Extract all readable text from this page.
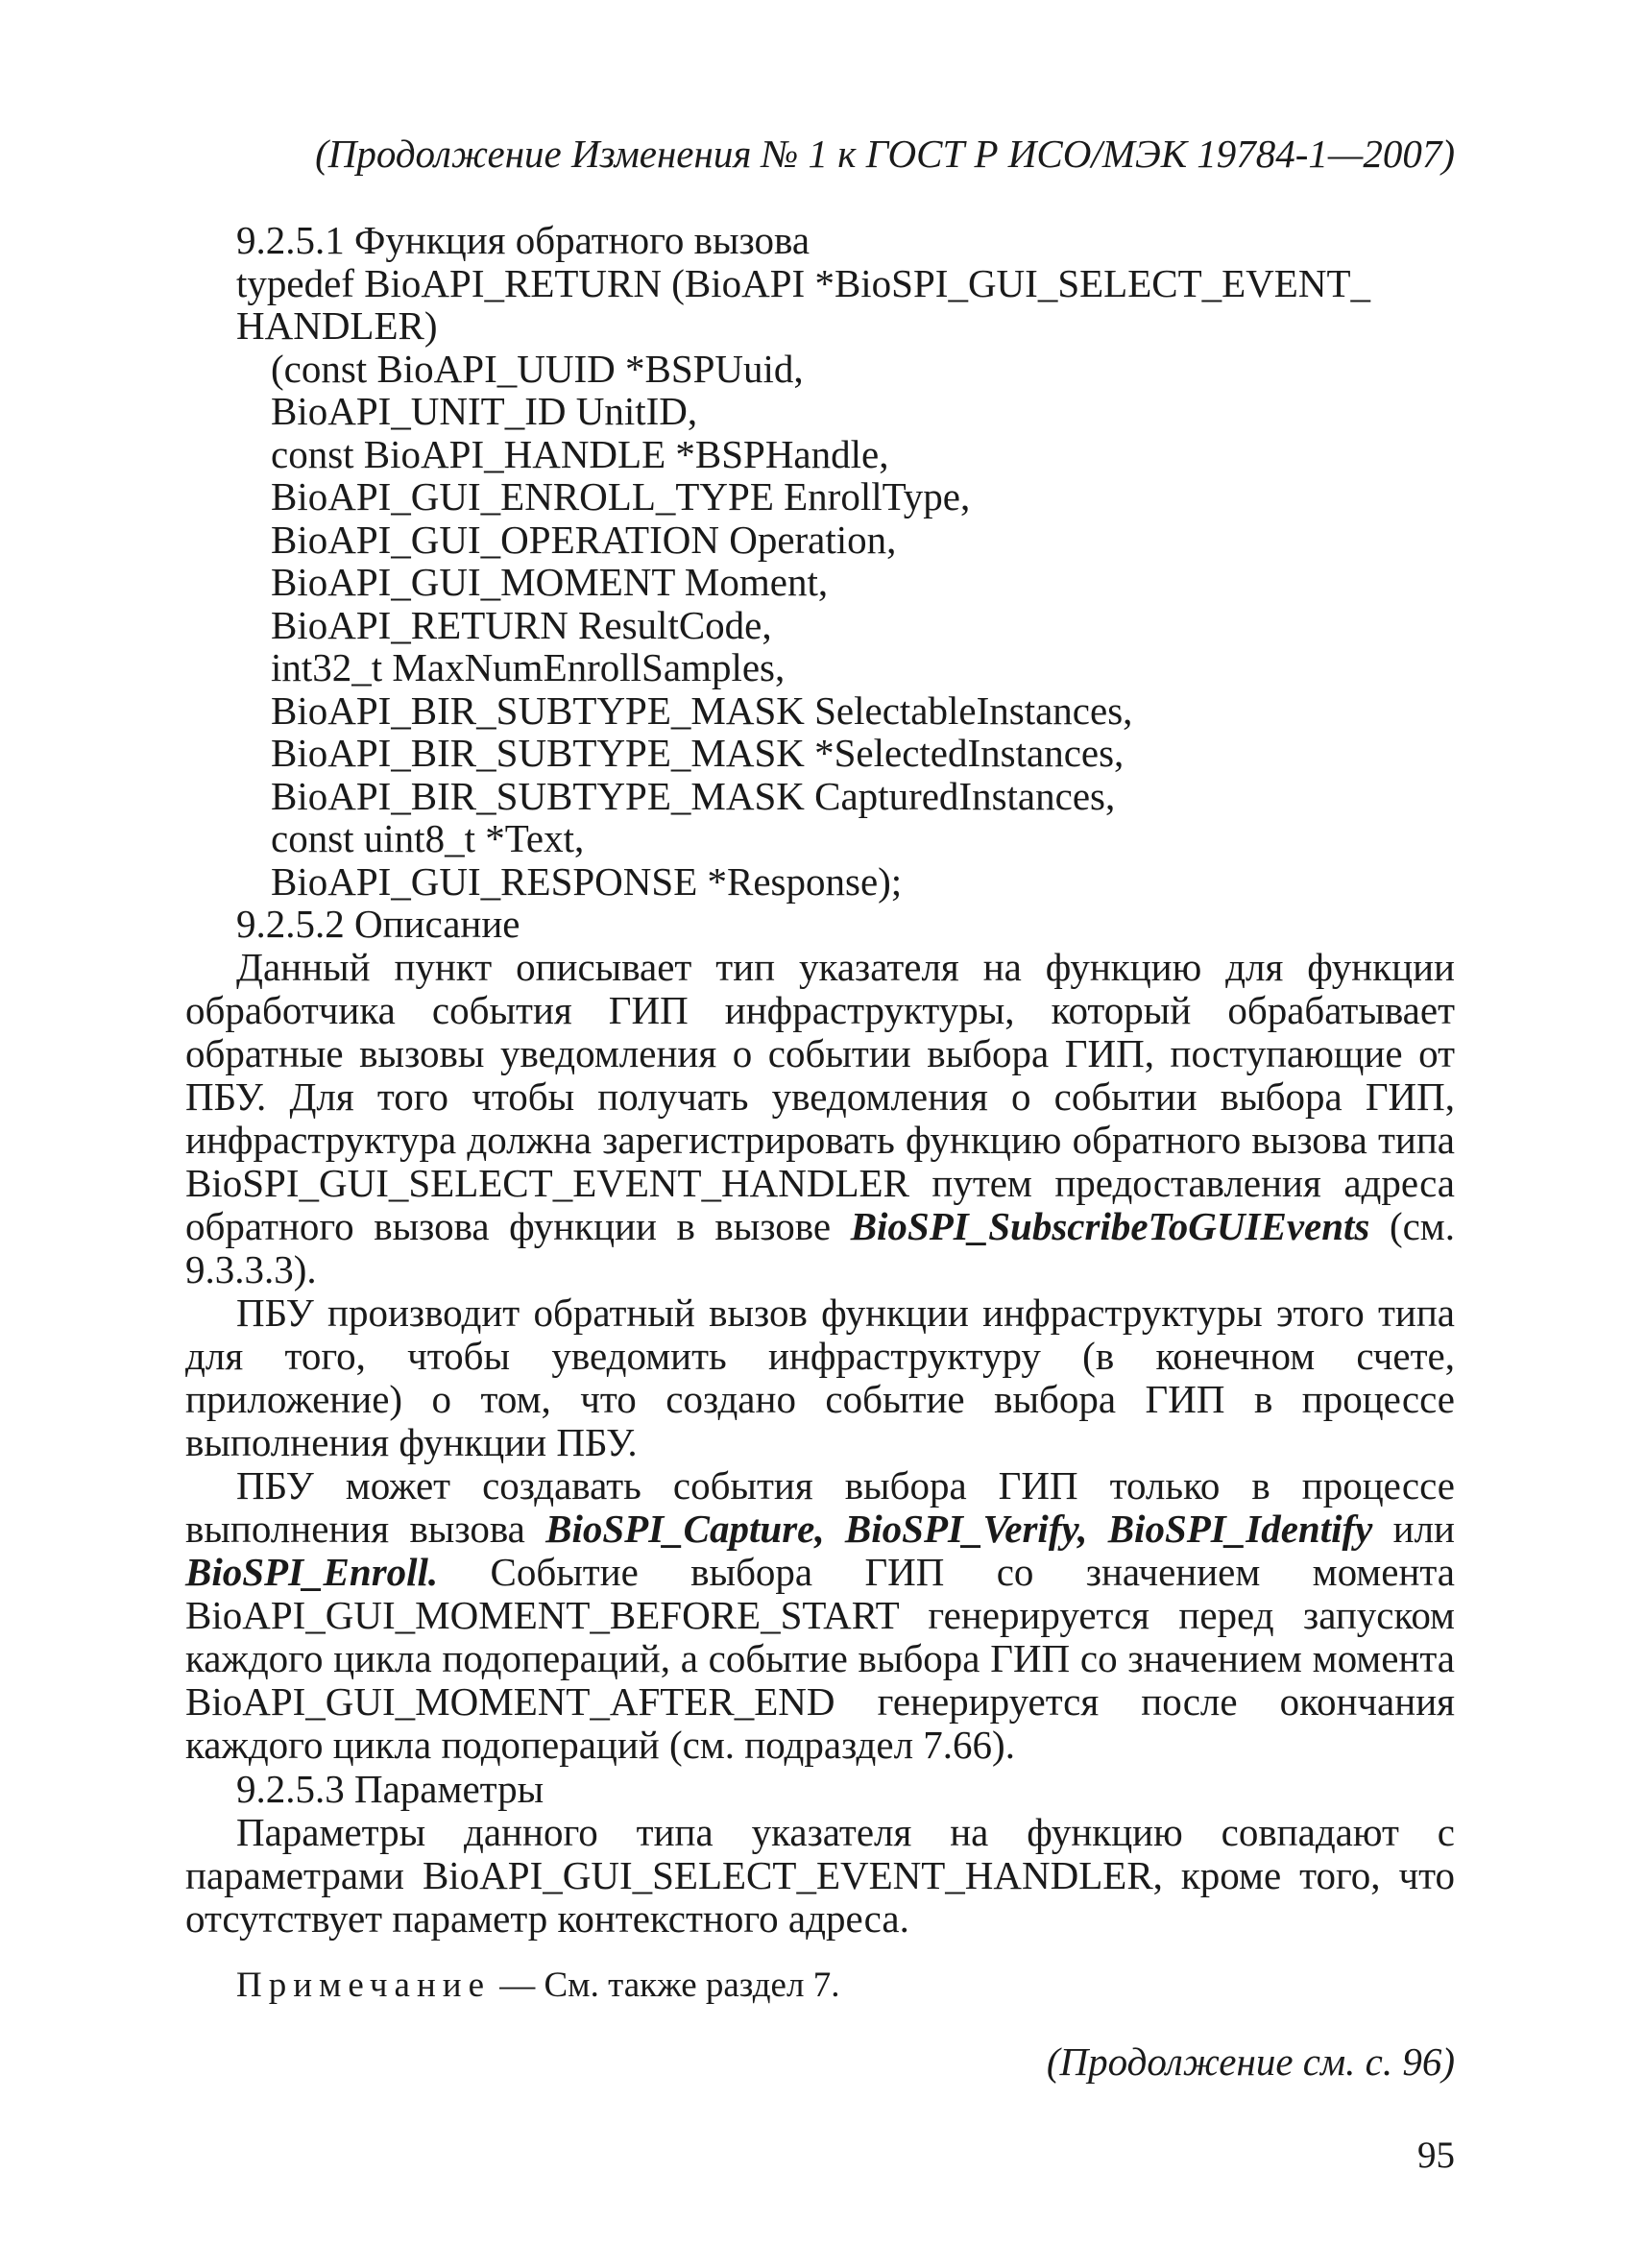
(Продолжение Изменения № 1 к ГОСТ Р ИСО/МЭК 19784-1—2007)
9.2.5.1 Функция обратного вызова
typedef BioAPI_RETURN (BioAPI *BioSPI_GUI_SELECT_EVENT_
HANDLER)
(const BioAPI_UUID *BSPUuid,
BioAPI_UNIT_ID UnitID,
const BioAPI_HANDLE *BSPHandle,
BioAPI_GUI_ENROLL_TYPE EnrollType,
BioAPI_GUI_OPERATION Operation,
BioAPI_GUI_MOMENT Moment,
BioAPI_RETURN ResultCode,
int32_t MaxNumEnrollSamples,
BioAPI_BIR_SUBTYPE_MASK SelectableInstances,
BioAPI_BIR_SUBTYPE_MASK *SelectedInstances,
BioAPI_BIR_SUBTYPE_MASK CapturedInstances,
const uint8_t *Text,
BioAPI_GUI_RESPONSE *Response);

9.2.5.2 Описание

Данный пункт описывает тип указателя на функцию для функции обработчика события ГИП инфраструктуры, который обрабатывает обратные вызовы уведомления о событии выбора ГИП, поступающие от ПБУ. Для того чтобы получать уведомления о событии выбора ГИП, инфраструктура должна зарегистрировать функцию обратного вызова типа BioSPI_GUI_SELECT_EVENT_HANDLER путем предоставления адреса обратного вызова функции в вызове BioSPI_SubscribeToGUIEvents (см. 9.3.3.3).

ПБУ производит обратный вызов функции инфраструктуры этого типа для того, чтобы уведомить инфраструктуру (в конечном счете, приложение) о том, что создано событие выбора ГИП в процессе выполнения функции ПБУ.

ПБУ может создавать события выбора ГИП только в процессе выполнения вызова BioSPI_Capture, BioSPI_Verify, BioSPI_Identify или BioSPI_Enroll. Событие выбора ГИП со значением момента BioAPI_GUI_MOMENT_BEFORE_START генерируется перед запуском каждого цикла подопераций, а событие выбора ГИП со значением момента BioAPI_GUI_MOMENT_AFTER_END генерируется после окончания каждого цикла подопераций (см. подраздел 7.66).

9.2.5.3 Параметры

Параметры данного типа указателя на функцию совпадают с параметрами BioAPI_GUI_SELECT_EVENT_HANDLER, кроме того, что отсутствует параметр контекстного адреса.

Примечание — См. также раздел 7.
(Продолжение см. с. 96)
95
